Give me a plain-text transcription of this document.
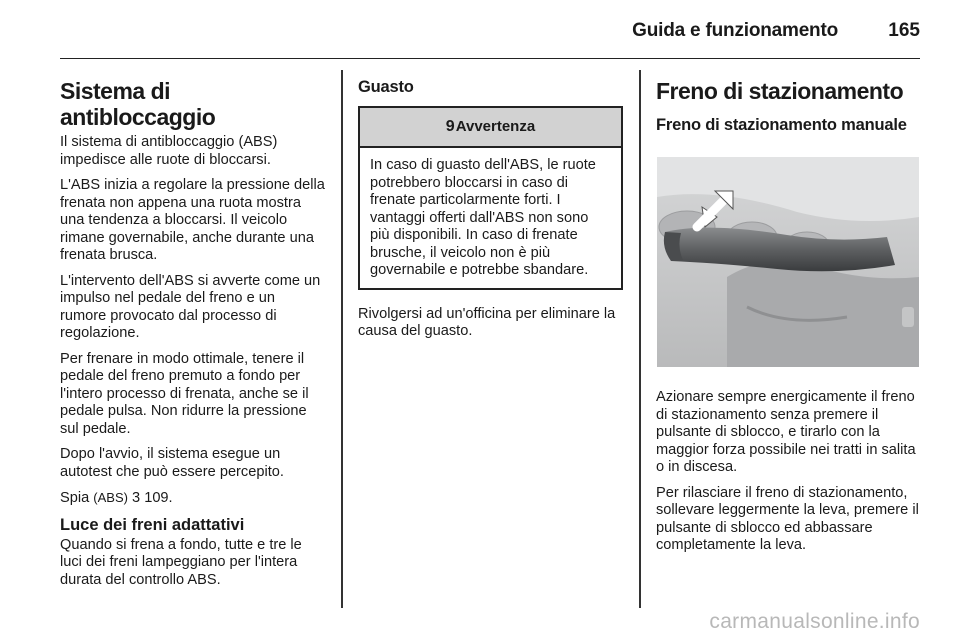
Guida e funzionamento	165
Sistema di antibloccaggio

Il sistema di antibloccaggio (ABS) impedisce alle ruote di bloccarsi.

L'ABS inizia a regolare la pressione della frenata non appena una ruota mostra una tendenza a bloccarsi. Il veicolo rimane governabile, anche durante una frenata brusca.

L'intervento dell'ABS si avverte come un impulso nel pedale del freno e un rumore provocato dal processo di regolazione.

Per frenare in modo ottimale, tenere il pedale del freno premuto a fondo per l'intero processo di frenata, anche se il pedale pulsa. Non ridurre la pressione sul pedale.

Dopo l'avvio, il sistema esegue un autotest che può essere percepito.

Spia (ABS) 3 109.

Luce dei freni adattativi

Quando si frena a fondo, tutte e tre le luci dei freni lampeggiano per l'intera durata del controllo ABS.

Guasto
9 Avvertenza

In caso di guasto dell'ABS, le ruote potrebbero bloccarsi in caso di frenate particolarmente forti. I vantaggi offerti dall'ABS non sono più disponibili. In caso di frenate brusche, il veicolo non è più governabile e potrebbe sbandare.

Rivolgersi ad un'officina per eliminare la causa del guasto.

Freno di stazionamento
Freno di stazionamento manuale

Azionare sempre energicamente il freno di stazionamento senza premere il pulsante di sblocco, e tirarlo con la maggior forza possibile nei tratti in salita o in discesa.

Per rilasciare il freno di stazionamento, sollevare leggermente la leva, premere il pulsante di sblocco ed abbassare completamente la leva.

carmanualsonline.info
